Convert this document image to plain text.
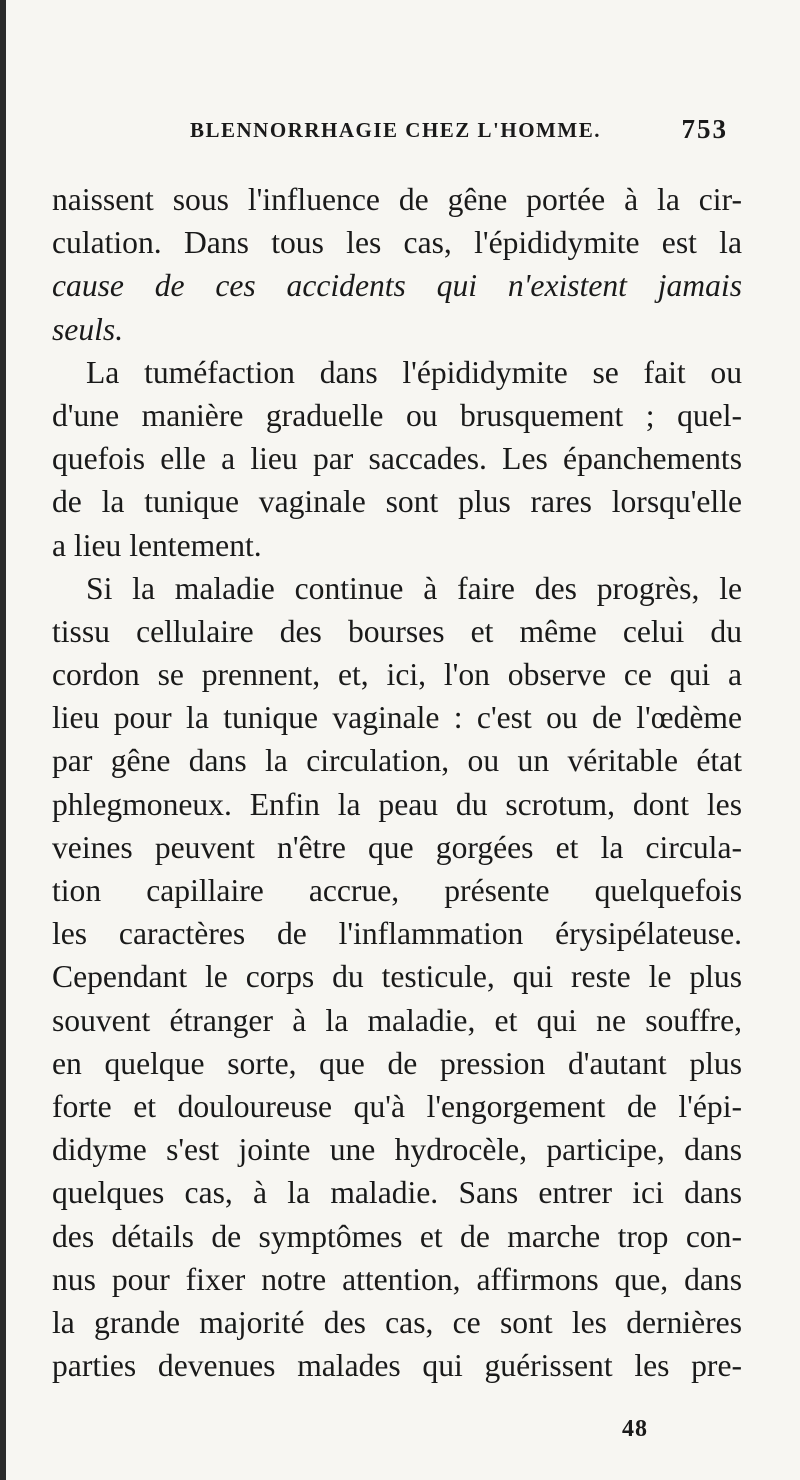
BLENNORRHAGIE CHEZ L'HOMME.	753
naissent sous l'influence de gêne portée à la cir-
culation. Dans tous les cas, l'épididymite est la
cause de ces accidents qui n'existent jamais
seuls.
La tuméfaction dans l'épididymite se fait ou
d'une manière graduelle ou brusquement ; quel-
quefois elle a lieu par saccades. Les épanchements
de la tunique vaginale sont plus rares lorsqu'elle
a lieu lentement.
Si la maladie continue à faire des progrès, le
tissu cellulaire des bourses et même celui du
cordon se prennent, et, ici, l'on observe ce qui a
lieu pour la tunique vaginale : c'est ou de l'œdème
par gêne dans la circulation, ou un véritable état
phlegmoneux. Enfin la peau du scrotum, dont les
veines peuvent n'être que gorgées et la circula-
tion capillaire accrue, présente quelquefois
les caractères de l'inflammation érysipélateuse.
Cependant le corps du testicule, qui reste le plus
souvent étranger à la maladie, et qui ne souffre,
en quelque sorte, que de pression d'autant plus
forte et douloureuse qu'à l'engorgement de l'épi-
didyme s'est jointe une hydrocèle, participe, dans
quelques cas, à la maladie. Sans entrer ici dans
des détails de symptômes et de marche trop con-
nus pour fixer notre attention, affirmons que, dans
la grande majorité des cas, ce sont les dernières
parties devenues malades qui guérissent les pre-
48
